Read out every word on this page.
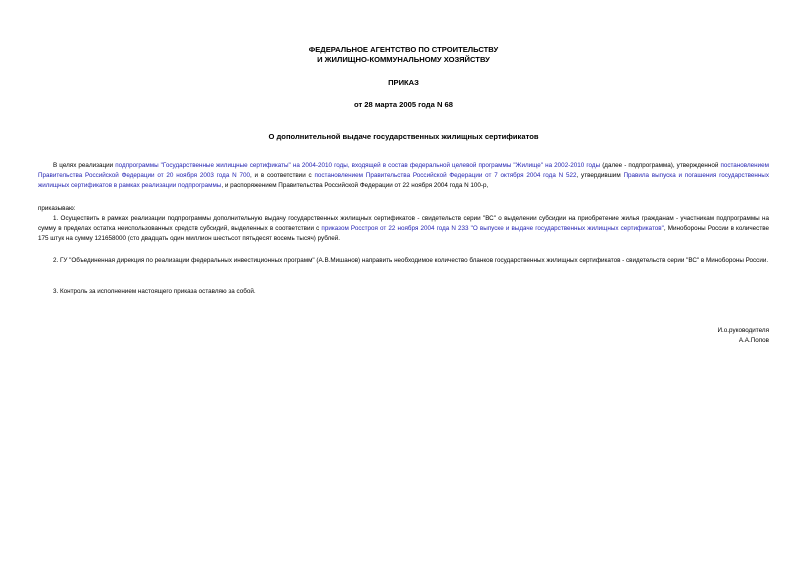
ФЕДЕРАЛЬНОЕ АГЕНТСТВО ПО СТРОИТЕЛЬСТВУ
И ЖИЛИЩНО-КОММУНАЛЬНОМУ ХОЗЯЙСТВУ
ПРИКАЗ
от 28 марта 2005 года N 68
О дополнительной выдаче государственных жилищных сертификатов

В целях реализации подпрограммы "Государственные жилищные сертификаты" на 2004-2010 годы, входящей в состав федеральной целевой программы "Жилище" на 2002-2010 годы (далее - подпрограмма), утвержденной постановлением Правительства Российской Федерации от 20 ноября 2003 года N 700, и в соответствии с постановлением Правительства Российской Федерации от 7 октября 2004 года N 522, утвердившим Правила выпуска и погашения государственных жилищных сертификатов в рамках реализации подпрограммы, и распоряжением Правительства Российской Федерации от 22 ноября 2004 года N 100-р,

приказываю:

1. Осуществить в рамках реализации подпрограммы дополнительную выдачу государственных жилищных сертификатов - свидетельств серии "ВС" о выделении субсидии на приобретение жилья гражданам - участникам подпрограммы на сумму в пределах остатка неиспользованных средств субсидий, выделенных в соответствии с приказом Росстроя от 22 ноября 2004 года N 233 "О выпуске и выдаче государственных жилищных сертификатов", Минобороны России в количестве 175 штук на сумму 121658000 (сто двадцать один миллион шестьсот пятьдесят восемь тысяч) рублей.

2. ГУ "Объединенная дирекция по реализации федеральных инвестиционных программ" (А.В.Мишанов) направить необходимое количество бланков государственных жилищных сертификатов - свидетельств серии "ВС" в Минобороны России.

3. Контроль за исполнением настоящего приказа оставляю за собой.

И.о.руководителя
А.А.Попов
